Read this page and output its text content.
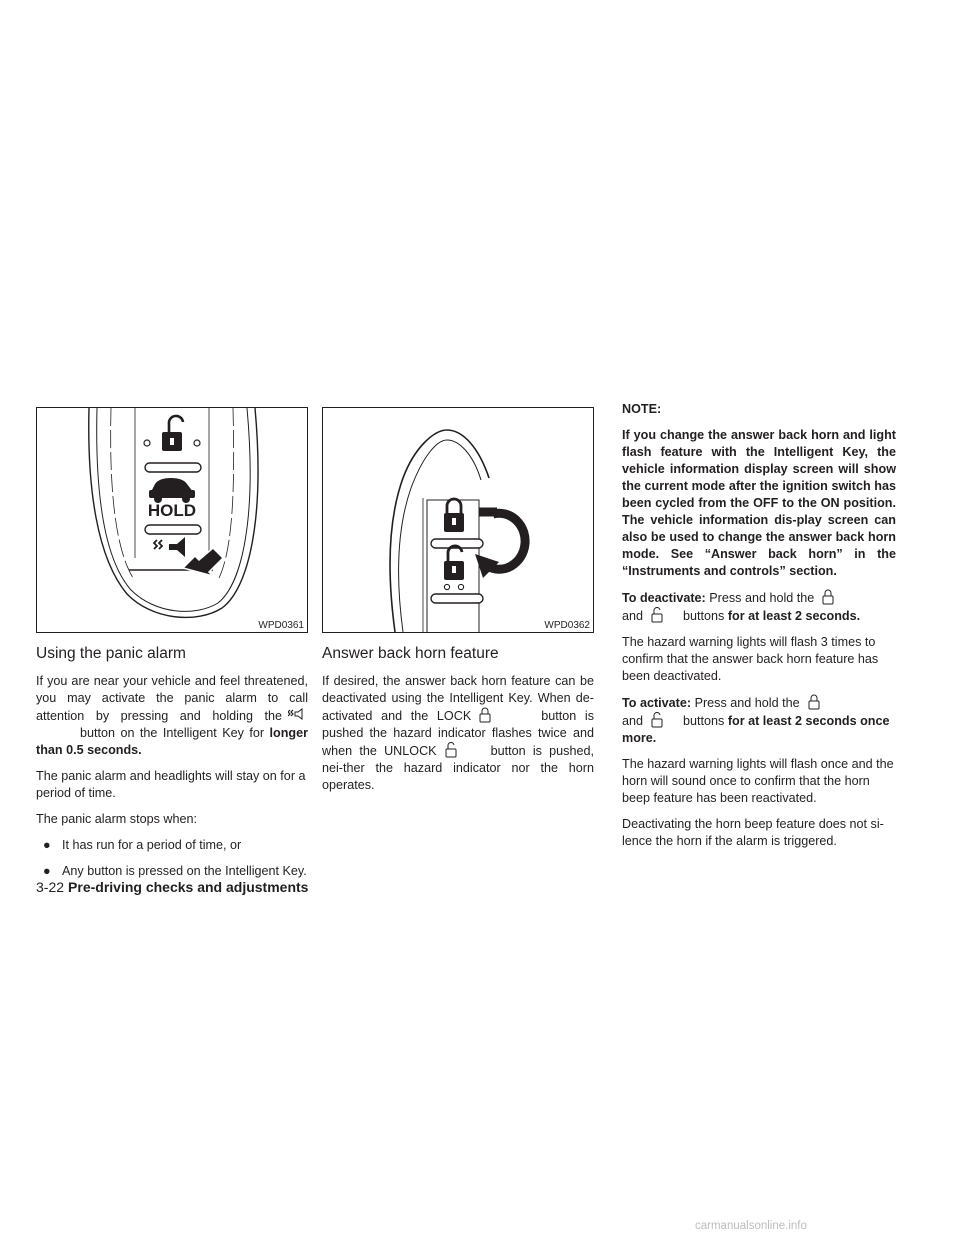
HOLD
WPD0361
Using the panic alarm

If you are near your vehicle and feel threatened, you may activate the panic alarm to call attention by pressing and holding thebutton on the Intelligent Key for longer than 0.5 seconds.

The panic alarm and headlights will stay on for a period of time.

The panic alarm stops when:

● It has run for a period of time, or
● Any button is pressed on the Intelligent Key.
WPD0362
Answer back horn feature

If desired, the answer back horn feature can be deactivated using the Intelligent Key. When de-activated and the LOCK	button is pushed the hazard indicator flashes twice and when the UNLOCK	button is pushed, nei-ther the hazard indicator nor the horn operates.

NOTE:

If you change the answer back horn and light flash feature with the Intelligent Key, the vehicle information display screen will show the current mode after the ignition switch has been cycled from the OFF to the ON position. The vehicle information dis-play screen can also be used to change the answer back horn mode. See “Answer back horn” in the “Instruments and controls” section.

To deactivate: Press and hold the
and	buttons for at least 2 seconds.

The hazard warning lights will flash 3 times to confirm that the answer back horn feature has been deactivated.

To activate: Press and hold the
and	buttons for at least 2 seconds once more.

The hazard warning lights will flash once and the horn will sound once to confirm that the horn beep feature has been reactivated.

Deactivating the horn beep feature does not si-lence the horn if the alarm is triggered.

3-22 Pre-driving checks and adjustments
carmanualsonline.info
